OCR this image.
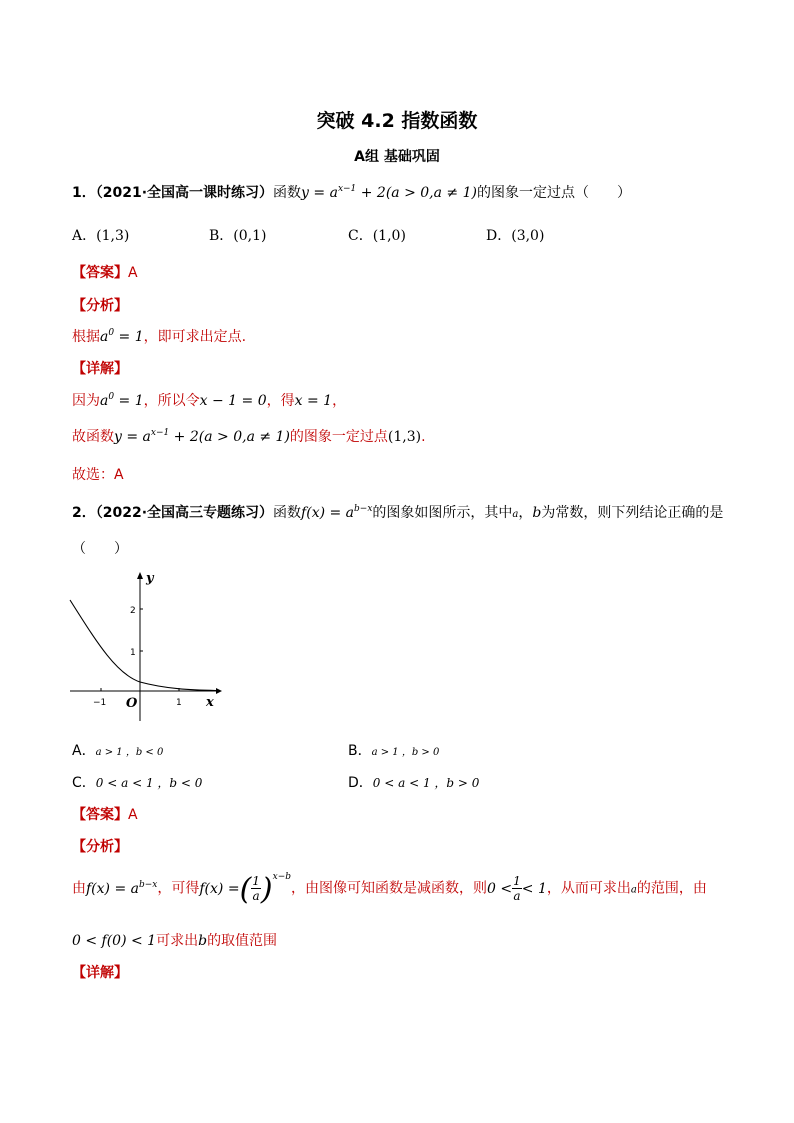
突破 4.2 指数函数
A组 基础巩固
1．（2021·全国高一课时练习）函数$y = a^{x-1} + 2(a > 0,a \ne 1)$的图象一定过点（　　）
A．(1,3)	B．(0,1)	C．(1,0)	D．(3,0)
【答案】A
【分析】
根据$a^0 = 1$，即可求出定点.
【详解】
因为$a^0 = 1$，所以令x − 1 = 0，得x = 1，
故函数$y = a^{x-1} + 2(a > 0,a \ne 1)$的图象一定过点(1,3).
故选：A
2．（2022·全国高三专题练习）函数$f(x) = a^{b-x}$的图象如图所示，其中a，b为常数，则下列结论正确的是
（　　）
y
x
O
−1	1
2
1
A．a > 1 ，b < 0	B．a > 1 ，b > 0
C．0 < a < 1 ，b < 0	D．0 < a < 1 ，b > 0
【答案】A
【分析】
由$f(x) = a^{b-x}$，可得f(x) =( $\frac{1}{a} )^{x-b}$，由图像可知函数是减函数，则$0 < \frac{1}{a} < 1$，从而可求出a的范围，由
0 < f(0) < 1可求出b的取值范围
【详解】
